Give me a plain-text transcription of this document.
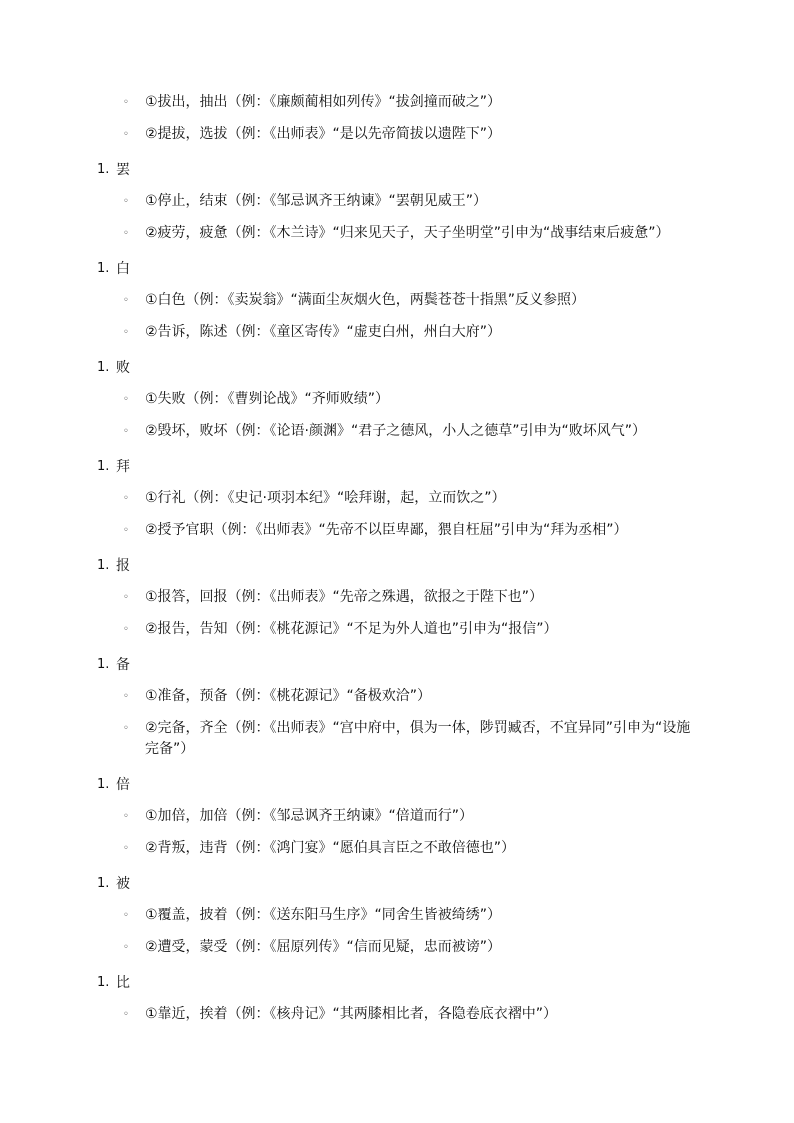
◦ ①拔出，抽出（例：《廉颇蔺相如列传》“拔剑撞而破之”）
◦ ②提拔，选拔（例：《出师表》“是以先帝简拔以遗陛下”）
1. 罢
◦ ①停止，结束（例：《邹忌讽齐王纳谏》“罢朝见威王”）
◦ ②疲劳，疲惫（例：《木兰诗》“归来见天子，天子坐明堂”引申为“战事结束后疲惫”）
1. 白
◦ ①白色（例：《卖炭翁》“满面尘灰烟火色，两鬓苍苍十指黑”反义参照）
◦ ②告诉，陈述（例：《童区寄传》“虚吏白州，州白大府”）
1. 败
◦ ①失败（例：《曹刿论战》“齐师败绩”）
◦ ②毁坏，败坏（例：《论语·颜渊》“君子之德风，小人之德草”引申为“败坏风气”）
1. 拜
◦ ①行礼（例：《史记·项羽本纪》“哙拜谢，起，立而饮之”）
◦ ②授予官职（例：《出师表》“先帝不以臣卑鄙，猥自枉屈”引申为“拜为丞相”）
1. 报
◦ ①报答，回报（例：《出师表》“先帝之殊遇，欲报之于陛下也”）
◦ ②报告，告知（例：《桃花源记》“不足为外人道也”引申为“报信”）
1. 备
◦ ①准备，预备（例：《桃花源记》“备极欢洽”）
◦ ②完备，齐全（例：《出师表》“宫中府中，俱为一体，陟罚臧否，不宜异同”引申为“设施完备”）
1. 倍
◦ ①加倍，加倍（例：《邹忌讽齐王纳谏》“倍道而行”）
◦ ②背叛，违背（例：《鸿门宴》“愿伯具言臣之不敢倍德也”）
1. 被
◦ ①覆盖，披着（例：《送东阳马生序》“同舍生皆被绮绣”）
◦ ②遭受，蒙受（例：《屈原列传》“信而见疑，忠而被谤”）
1. 比
◦ ①靠近，挨着（例：《核舟记》“其两膝相比者，各隐卷底衣褶中”）
